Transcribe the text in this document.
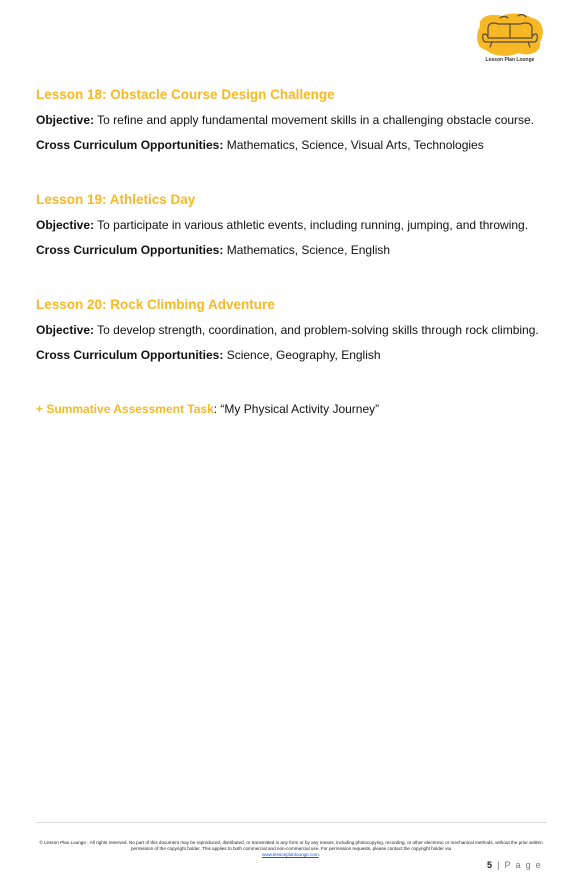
Lesson Plan Lounge
Lesson 18: Obstacle Course Design Challenge
Objective: To refine and apply fundamental movement skills in a challenging obstacle course.
Cross Curriculum Opportunities: Mathematics, Science, Visual Arts, Technologies
Lesson 19: Athletics Day
Objective: To participate in various athletic events, including running, jumping, and throwing.
Cross Curriculum Opportunities: Mathematics, Science, English
Lesson 20: Rock Climbing Adventure
Objective: To develop strength, coordination, and problem-solving skills through rock climbing.
Cross Curriculum Opportunities: Science, Geography, English
+ Summative Assessment Task: “My Physical Activity Journey”
© Lesson Plan Lounge - All rights reserved. No part of this document may be reproduced, distributed, or transmitted in any form or by any means, including photocopying, recording, or other electronic or mechanical methods, without the prior written permission of the copyright holder. This applies to both commercial and non-commercial use. For permission requests, please contact the copyright holder via
www.lessonplanlounge.com.
5 | P a g e
